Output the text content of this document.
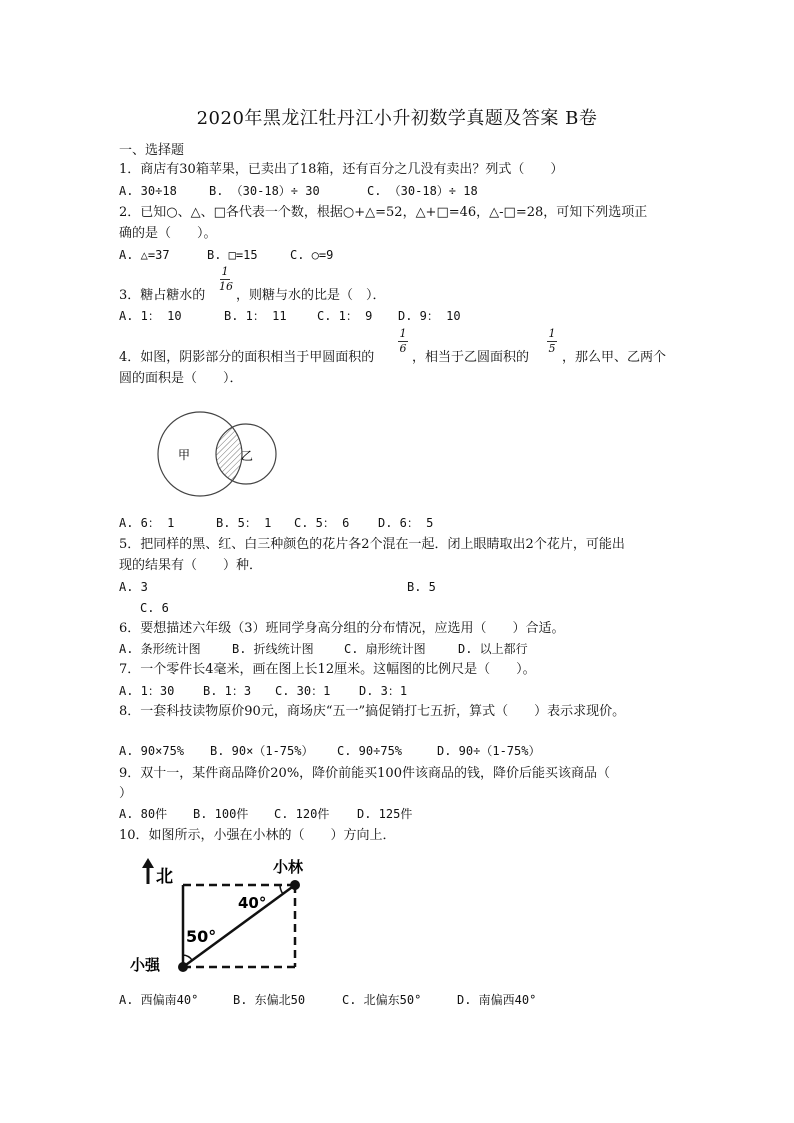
2020年黑龙江牡丹江小升初数学真题及答案 B卷
一、选择题
1．商店有30箱苹果，已卖出了18箱，还有百分之几没有卖出？列式（　　）
A. 30÷18	B. （30-18）÷ 30	C. （30-18）÷ 18
2．已知○、△、□各代表一个数，根据○+△=52，△+□=46，△-□=28，可知下列选项正
确的是（　　）。
A. △=37	B. □=15	C. ○=9
1
16
3．糖占糖水的 ，则糖与水的比是（　）．
A. 1： 10	B. 1： 11	C. 1： 9 D. 9： 10
1
6
1
5
4．如图，阴影部分的面积相当于甲圆面积的	，相当于乙圆面积的	，那么甲、乙两个
圆的面积是（　　）．
甲	乙
A. 6： 1	B. 5： 1 C. 5： 6 D. 6： 5
5．把同样的黑、红、白三种颜色的花片各2个混在一起．闭上眼睛取出2个花片，可能出
现的结果有（　　）种．
A. 3	B. 5
C. 6
6．要想描述六年级（3）班同学身高分组的分布情况，应选用（　　）合适。
A. 条形统计图	B. 折线统计图	C. 扇形统计图	D. 以上都行
7．一个零件长4毫米，画在图上长12厘米。这幅图的比例尺是（　　）。
A. 1：30 B. 1：3 C. 30：1 D. 3：1
8．一套科技读物原价90元，商场庆“五一”搞促销打七五折，算式（　　）表示求现价。
A. 90×75% B. 90×（1-75%） C. 90÷75%	D. 90÷（1-75%）
9．双十一，某件商品降价20%，降价前能买100件该商品的钱，降价后能买该商品（
）
A. 80件 B. 100件 C. 120件 D. 125件
10．如图所示，小强在小林的（　　）方向上．
北	小林
40°
50°
小强
A. 西偏南40°	B. 东偏北50	C. 北偏东50°	D. 南偏西40°
